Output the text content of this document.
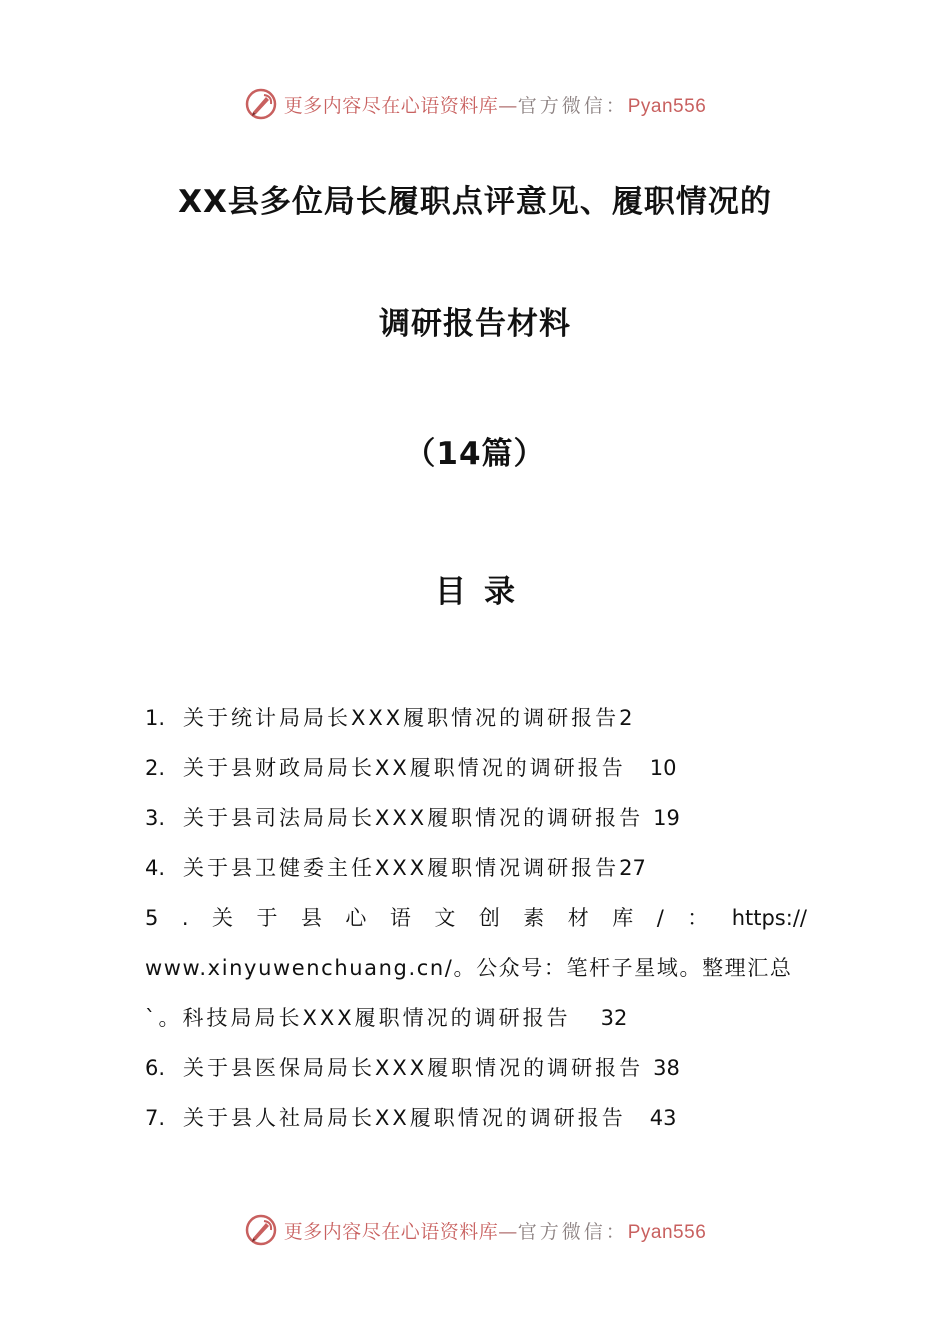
更多内容尽在心语资料库—官方微信：Pyan556
XX县多位局长履职点评意见、履职情况的
调研报告材料
（14篇）
目录
1. 关于统计局局长XXX履职情况的调研报告2
2. 关于县财政局局长XX履职情况的调研报告 10
3. 关于县司法局局长XXX履职情况的调研报告 19
4. 关于县卫健委主任XXX履职情况调研报告27
5 . 关 于 县 心 语 文 创 素 材 库 / ： https://
www.xinyuwenchuang.cn/。公众号：笔杆子星域。整理汇总
`。科技局局长XXX履职情况的调研报告 32
6. 关于县医保局局长XXX履职情况的调研报告 38
7. 关于县人社局局长XX履职情况的调研报告 43
更多内容尽在心语资料库—官方微信：Pyan556
